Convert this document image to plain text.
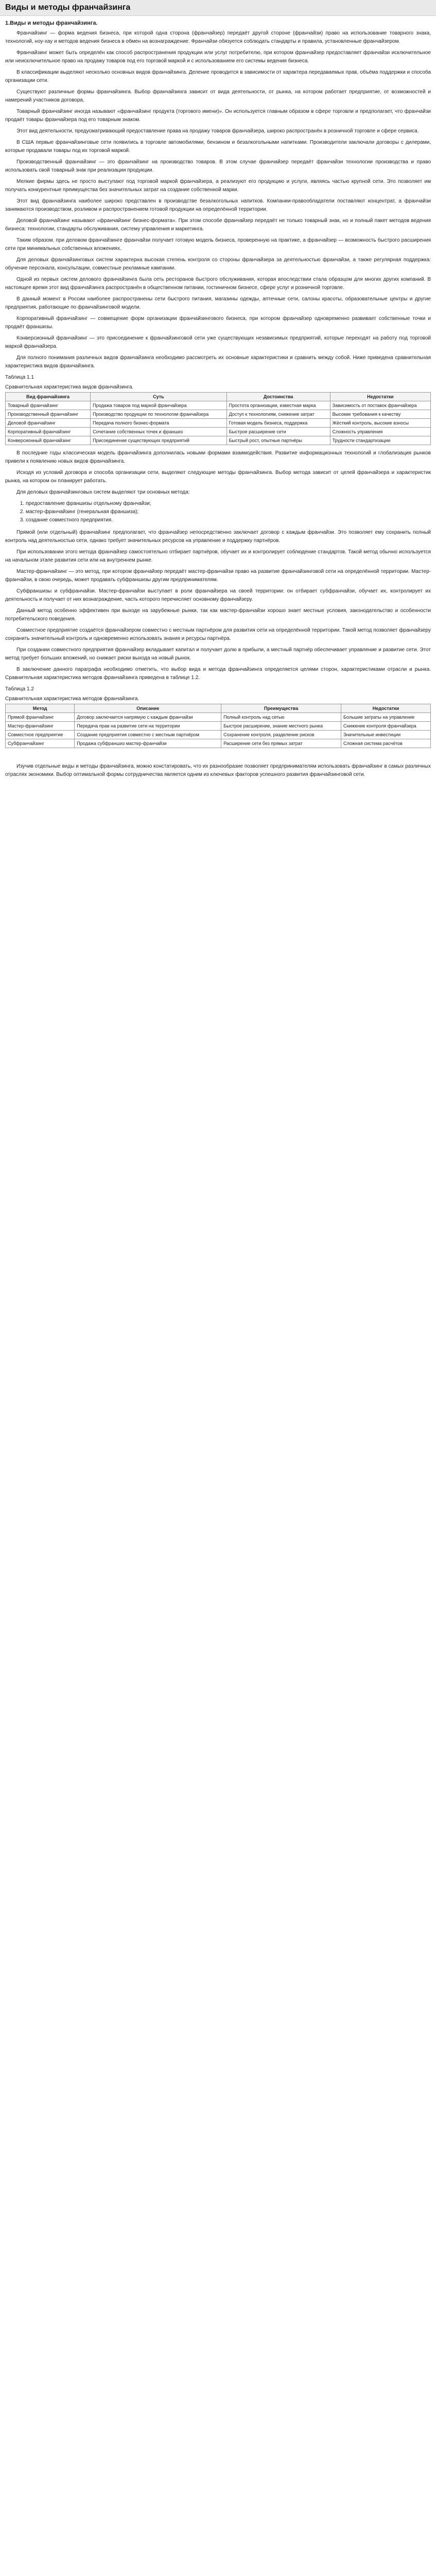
Виды и методы франчайзинга
1.Виды и методы франчайзинга.

Франчайзинг — форма ведения бизнеса, при которой одна сторона (франчайзер) передаёт другой стороне (франчайзи) право на использование товарного знака, технологий, ноу-хау и методов ведения бизнеса в обмен на вознаграждение. Франчайзи обязуется соблюдать стандарты и правила, установленные франчайзером.

Франчайзинг может быть определён как способ распространения продукции или услуг потребителю, при котором франчайзер предоставляет франчайзи исключительное или неисключительное право на продажу товаров под его торговой маркой и с использованием его системы ведения бизнеса.

В классификации выделяют несколько основных видов франчайзинга. Деление проводится в зависимости от характера передаваемых прав, объёма поддержки и способа организации сети.

Существуют различные формы франчайзинга. Выбор франчайзинга зависит от вида деятельности, от рынка, на котором работает предприятие, от возможностей и намерений участников договора.

Товарный франчайзинг иногда называют «франчайзинг продукта (торгового имени)». Он используется главным образом в сфере торговли и предполагает, что франчайзи продаёт товары франчайзера под его товарным знаком.

Этот вид деятельности, предусматривающий предоставление права на продажу товаров франчайзера, широко распространён в розничной торговле и сфере сервиса.

В США первые франчайзинговые сети появились в торговле автомобилями, бензином и безалкогольными напитками. Производители заключали договоры с дилерами, которые продавали товары под их торговой маркой.

Производственный франчайзинг — это франчайзинг на производство товаров. В этом случае франчайзер передаёт франчайзи технологии производства и право использовать свой товарный знак при реализации продукции.

Мелкие фирмы здесь не просто выступают под торговой маркой франчайзера, а реализуют его продукцию и услуги, являясь частью крупной сети. Это позволяет им получать конкурентные преимущества без значительных затрат на создание собственной марки.

Этот вид франчайзинга наиболее широко представлен в производстве безалкогольных напитков. Компании-правообладатели поставляют концентрат, а франчайзи занимаются производством, розливом и распространением готовой продукции на определённой территории.

Деловой франчайзинг называют «франчайзинг бизнес-формата». При этом способе франчайзер передаёт не только товарный знак, но и полный пакет методов ведения бизнеса: технологии, стандарты обслуживания, систему управления и маркетинга.

Таким образом, при деловом франчайзинге франчайзи получает готовую модель бизнеса, проверенную на практике, а франчайзер — возможность быстрого расширения сети при минимальных собственных вложениях.

Для деловых франчайзинговых систем характерна высокая степень контроля со стороны франчайзера за деятельностью франчайзи, а также регулярная поддержка: обучение персонала, консультации, совместные рекламные кампании.

Одной из первых систем делового франчайзинга была сеть ресторанов быстрого обслуживания, которая впоследствии стала образцом для многих других компаний. В настоящее время этот вид франчайзинга распространён в общественном питании, гостиничном бизнесе, сфере услуг и розничной торговле.

В данный момент в России наиболее распространены сети быстрого питания, магазины одежды, аптечные сети, салоны красоты, образовательные центры и другие предприятия, работающие по франчайзинговой модели.

Корпоративный франчайзинг — совмещение форм организации франчайзингового бизнеса, при котором франчайзер одновременно развивает собственные точки и продаёт франшизы.

Конверсионный франчайзинг — это присоединение к франчайзинговой сети уже существующих независимых предприятий, которые переходят на работу под торговой маркой франчайзера.

Для полного понимания различных видов франчайзинга необходимо рассмотреть их основные характеристики и сравнить между собой. Ниже приведена сравнительная характеристика видов франчайзинга.

Таблица 1.1
Сравнительная характеристика видов франчайзинга.
Вид франчайзинга	Суть	Достоинства	Недостатки
Товарный франчайзинг	Продажа товаров под маркой франчайзера	Простота организации, известная марка	Зависимость от поставок франчайзера
Производственный франчайзинг	Производство продукции по технологии франчайзера	Доступ к технологиям, снижение затрат	Высокие требования к качеству
Деловой франчайзинг	Передача полного бизнес-формата	Готовая модель бизнеса, поддержка	Жёсткий контроль, высокие взносы
Корпоративный франчайзинг	Сочетание собственных точек и франшиз	Быстрое расширение сети	Сложность управления
Конверсионный франчайзинг	Присоединение существующих предприятий	Быстрый рост, опытные партнёры	Трудности стандартизации

В последние годы классическая модель франчайзинга дополнилась новыми формами взаимодействия. Развитие информационных технологий и глобализация рынков привели к появлению новых видов франчайзинга.

Исходя из условий договора и способа организации сети, выделяют следующие методы франчайзинга. Выбор метода зависит от целей франчайзера и характеристик рынка, на котором он планирует работать.

Для деловых франчайзинговых систем выделяют три основных метода:

1. предоставление франшизы отдельному франчайзи;
2. мастер-франчайзинг (генеральная франшиза);
3. создание совместного предприятия.

Прямой (или отдельный) франчайзинг предполагает, что франчайзер непосредственно заключает договор с каждым франчайзи. Это позволяет ему сохранить полный контроль над деятельностью сети, однако требует значительных ресурсов на управление и поддержку партнёров.

При использовании этого метода франчайзер самостоятельно отбирает партнёров, обучает их и контролирует соблюдение стандартов. Такой метод обычно используется на начальном этапе развития сети или на внутреннем рынке.

Мастер-франчайзинг — это метод, при котором франчайзер передаёт мастер-франчайзи право на развитие франчайзинговой сети на определённой территории. Мастер-франчайзи, в свою очередь, может продавать субфраншизы другим предпринимателям.

Субфраншизы и субфранчайзи. Мастер-франчайзи выступает в роли франчайзера на своей территории: он отбирает субфранчайзи, обучает их, контролирует их деятельность и получает от них вознаграждение, часть которого перечисляет основному франчайзеру.

Данный метод особенно эффективен при выходе на зарубежные рынки, так как мастер-франчайзи хорошо знает местные условия, законодательство и особенности потребительского поведения.

Совместное предприятие создаётся франчайзером совместно с местным партнёром для развития сети на определённой территории. Такой метод позволяет франчайзеру сохранить значительный контроль и одновременно использовать знания и ресурсы партнёра.

При создании совместного предприятия франчайзер вкладывает капитал и получает долю в прибыли, а местный партнёр обеспечивает управление и развитие сети. Этот метод требует больших вложений, но снижает риски выхода на новый рынок.

В заключение данного параграфа необходимо отметить, что выбор вида и метода франчайзинга определяется целями сторон, характеристиками отрасли и рынка. Сравнительная характеристика методов франчайзинга приведена в таблице 1.2.

Таблица 1.2
Сравнительная характеристика методов франчайзинга.
Метод	Описание	Преимущества	Недостатки
Прямой франчайзинг	Договор заключается напрямую с каждым франчайзи	Полный контроль над сетью	Большие затраты на управление
Мастер-франчайзинг	Передача прав на развитие сети на территории	Быстрое расширение, знание местного рынка	Снижение контроля франчайзера
Совместное предприятие	Создание предприятия совместно с местным партнёром	Сохранение контроля, разделение рисков	Значительные инвестиции
Субфранчайзинг	Продажа субфраншиз мастер-франчайзи	Расширение сети без прямых затрат	Сложная система расчётов

Изучив отдельные виды и методы франчайзинга, можно констатировать, что их разнообразие позволяет предпринимателям использовать франчайзинг в самых различных отраслях экономики. Выбор оптимальной формы сотрудничества является одним из ключевых факторов успешного развития франчайзинговой сети.
